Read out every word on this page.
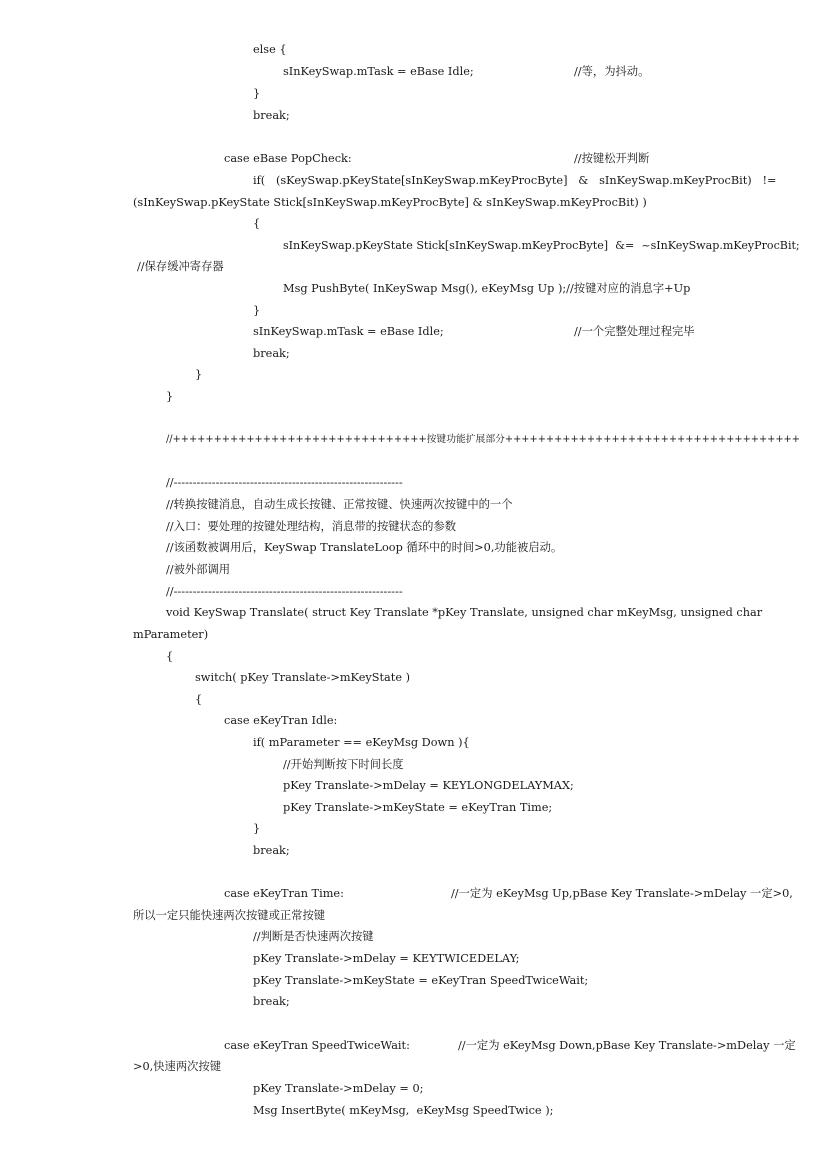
else {

sInKeySwap.mTask = eBase Idle;	//等，为抖动。

}

break;

case eBase PopCheck:	//按键松开判断

if(   (sKeySwap.pKeyState[sInKeySwap.mKeyProcByte]   &   sInKeySwap.mKeyProcBit)   !=

(sInKeySwap.pKeyState Stick[sInKeySwap.mKeyProcByte] & sInKeySwap.mKeyProcBit) )

{

sInKeySwap.pKeyState Stick[sInKeySwap.mKeyProcByte]  &=  ~sInKeySwap.mKeyProcBit;

//保存缓冲寄存器

Msg PushByte( InKeySwap Msg(), eKeyMsg Up );//按键对应的消息字+Up

}

sInKeySwap.mTask = eBase Idle;	//一个完整处理过程完毕

break;

}

}

//+++++++++++++++++++++++++++++++按键功能扩展部分++++++++++++++++++++++++++++++++++++

//------------------------------------------------------------

//转换按键消息，自动生成长按键、正常按键、快速两次按键中的一个

//入口：要处理的按键处理结构，消息带的按键状态的参数

//该函数被调用后，KeySwap TranslateLoop 循环中的时间>0,功能被启动。

//被外部调用

//------------------------------------------------------------

void KeySwap Translate( struct Key Translate *pKey Translate, unsigned char mKeyMsg, unsigned char

mParameter)

{

switch( pKey Translate->mKeyState )

{

case eKeyTran Idle:

if( mParameter == eKeyMsg Down ){

//开始判断按下时间长度

pKey Translate->mDelay = KEYLONGDELAYMAX;

pKey Translate->mKeyState = eKeyTran Time;

}

break;

case eKeyTran Time:	//一定为 eKeyMsg Up,pBase Key Translate->mDelay 一定>0,

所以一定只能快速两次按键或正常按键

//判断是否快速两次按键

pKey Translate->mDelay = KEYTWICEDELAY;

pKey Translate->mKeyState = eKeyTran SpeedTwiceWait;

break;

case eKeyTran SpeedTwiceWait:	//一定为 eKeyMsg Down,pBase Key Translate->mDelay 一定

>0,快速两次按键

pKey Translate->mDelay = 0;

Msg InsertByte( mKeyMsg,  eKeyMsg SpeedTwice );
